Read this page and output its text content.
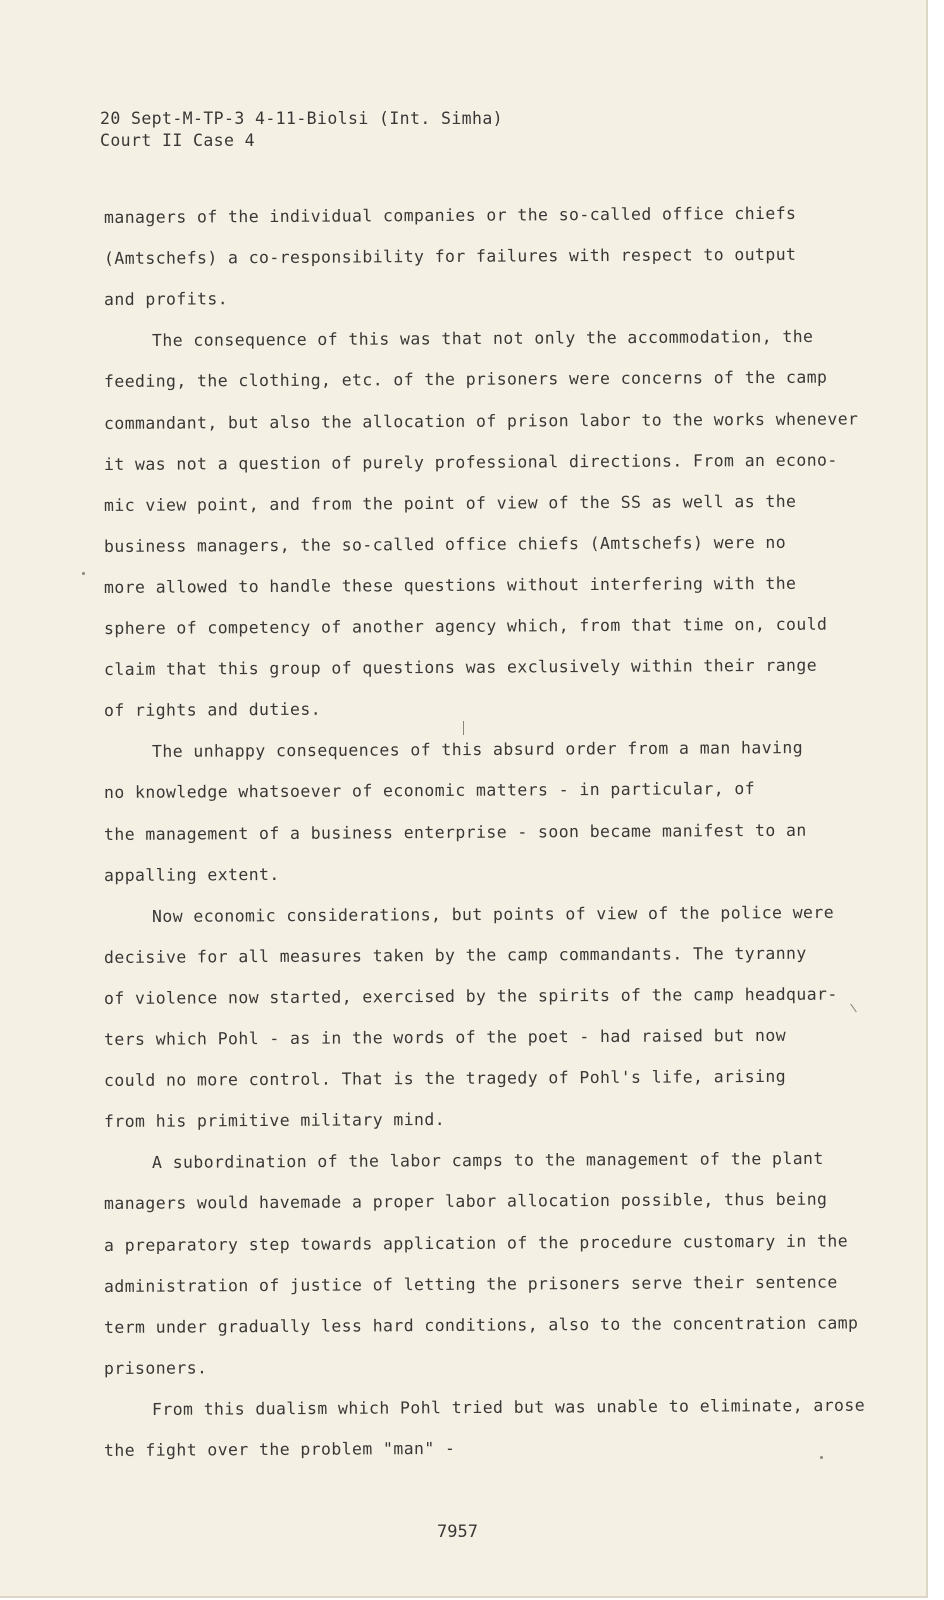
20 Sept-M-TP-3 4-11-Biolsi (Int. Simha)
Court II Case 4
managers of the individual companies or the so-called office chiefs
(Amtschefs) a co-responsibility for failures with respect to output
and profits.
The consequence of this was that not only the accommodation, the
feeding, the clothing, etc. of the prisoners were concerns of the camp
commandant, but also the allocation of prison labor to the works whenever
it was not a question of purely professional directions. From an econo-
mic view point, and from the point of view of the SS as well as the
business managers, the so-called office chiefs (Amtschefs) were no
more allowed to handle these questions without interfering with the
sphere of competency of another agency which, from that time on, could
claim that this group of questions was exclusively within their range
of rights and duties.
The unhappy consequences of this absurd order from a man having
no knowledge whatsoever of economic matters - in particular, of
the management of a business enterprise - soon became manifest to an
appalling extent.
Now economic considerations, but points of view of the police were
decisive for all measures taken by the camp commandants. The tyranny
of violence now started, exercised by the spirits of the camp headquar-
ters which Pohl - as in the words of the poet - had raised but now
could no more control. That is the tragedy of Pohl's life, arising
from his primitive military mind.
A subordination of the labor camps to the management of the plant
managers would havemade a proper labor allocation possible, thus being
a preparatory step towards application of the procedure customary in the
administration of justice of letting the prisoners serve their sentence
term under gradually less hard conditions, also to the concentration camp
prisoners.
From this dualism which Pohl tried but was unable to eliminate, arose
the fight over the problem "man" -
7957
